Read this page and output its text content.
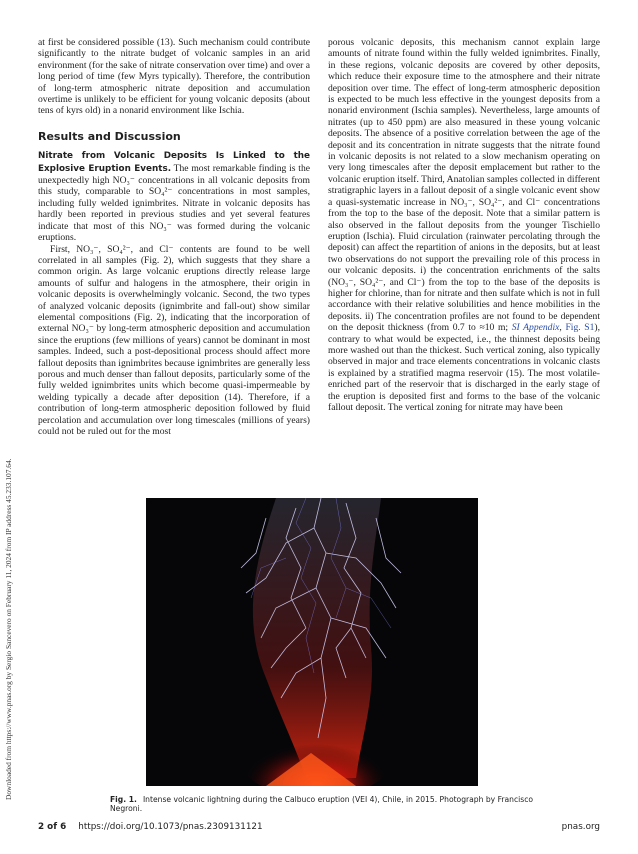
Downloaded from https://www.pnas.org by Sergio Sancevero on February 11, 2024 from IP address 45.233.107.64.

at first be considered possible (13). Such mechanism could contribute significantly to the nitrate budget of volcanic samples in an arid environment (for the sake of nitrate conservation over time) and over a long period of time (few Myrs typically). Therefore, the contribution of long-term atmospheric nitrate deposition and accumulation overtime is unlikely to be efficient for young volcanic deposits (about tens of kyrs old) in a nonarid environment like Ischia.

Results and Discussion

Nitrate from Volcanic Deposits Is Linked to the Explosive Eruption Events. The most remarkable finding is the unexpectedly high NO₃⁻ concentrations in all volcanic deposits from this study, comparable to SO₄²⁻ concentrations in most samples, including fully welded ignimbrites. Nitrate in volcanic deposits has hardly been reported in previous studies and yet several features indicate that most of this NO₃⁻ was formed during the volcanic eruptions.

First, NO₃⁻, SO₄²⁻, and Cl⁻ contents are found to be well correlated in all samples (Fig. 2), which suggests that they share a common origin. As large volcanic eruptions directly release large amounts of sulfur and halogens in the atmosphere, their origin in volcanic deposits is overwhelmingly volcanic. Second, the two types of analyzed volcanic deposits (ignimbrite and fall-out) show similar elemental compositions (Fig. 2), indicating that the incorporation of external NO₃⁻ by long-term atmospheric deposition and accumulation since the eruptions (few millions of years) cannot be dominant in most samples. Indeed, such a post-depositional process should affect more fallout deposits than ignimbrites because ignimbrites are generally less porous and much denser than fallout deposits, particularly some of the fully welded ignimbrites units which become quasi-impermeable by welding typically a decade after deposition (14). Therefore, if a contribution of long-term atmospheric deposition followed by fluid percolation and accumulation over long timescales (millions of years) could not be ruled out for the most

porous volcanic deposits, this mechanism cannot explain large amounts of nitrate found within the fully welded ignimbrites. Finally, in these regions, volcanic deposits are covered by other deposits, which reduce their exposure time to the atmosphere and their nitrate deposition over time. The effect of long-term atmospheric deposition is expected to be much less effective in the youngest deposits from a nonarid environment (Ischia samples). Nevertheless, large amounts of nitrates (up to 450 ppm) are also measured in these young volcanic deposits. The absence of a positive correlation between the age of the deposit and its concentration in nitrate suggests that the nitrate found in volcanic deposits is not related to a slow mechanism operating on very long timescales after the deposit emplacement but rather to the volcanic eruption itself. Third, Anatolian samples collected in different stratigraphic layers in a fallout deposit of a single volcanic event show a quasi-systematic increase in NO₃⁻, SO₄²⁻, and Cl⁻ concentrations from the top to the base of the deposit. Note that a similar pattern is also observed in the fallout deposits from the younger Tischiello eruption (Ischia). Fluid circulation (rainwater percolating through the deposit) can affect the repartition of anions in the deposits, but at least two observations do not support the prevailing role of this process in our volcanic deposits. i) the concentration enrichments of the salts (NO₃⁻, SO₄²⁻, and Cl⁻) from the top to the base of the deposits is higher for chlorine, than for nitrate and then sulfate which is not in full accordance with their relative solubilities and hence mobilities in the deposits. ii) The concentration profiles are not found to be dependent on the deposit thickness (from 0.7 to ≈10 m; SI Appendix, Fig. S1), contrary to what would be expected, i.e., the thinnest deposits being more washed out than the thickest. Such vertical zoning, also typically observed in major and trace elements concentrations in volcanic clasts is explained by a stratified magma reservoir (15). The most volatile-enriched part of the reservoir that is discharged in the early stage of the eruption is deposited first and forms to the base of the volcanic fallout deposit. The vertical zoning for nitrate may have been

Fig. 1. Intense volcanic lightning during the Calbuco eruption (VEI 4), Chile, in 2015. Photograph by Francisco Negroni.
2 of 6 https://doi.org/10.1073/pnas.2309131121	pnas.org
